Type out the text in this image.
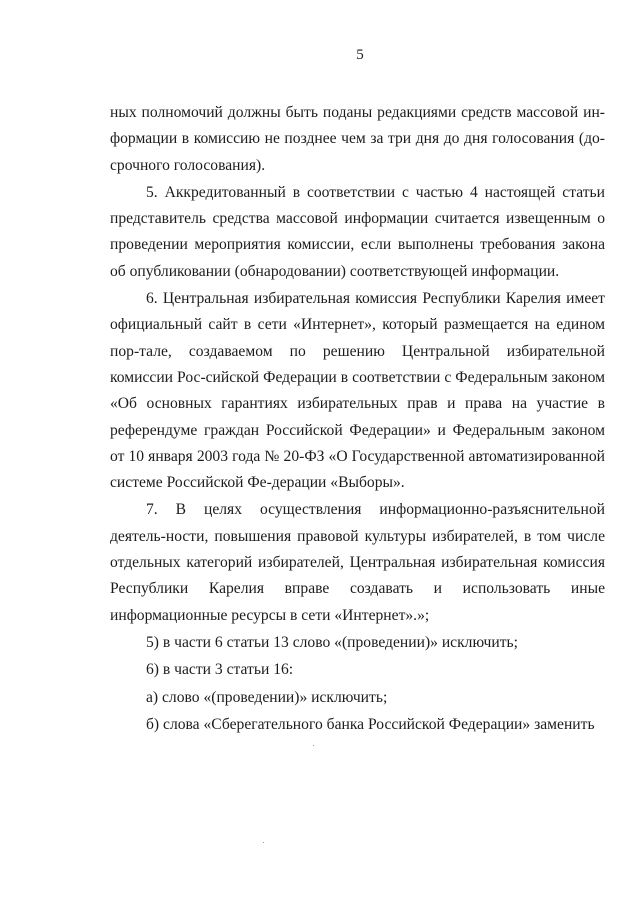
5

ных полномочий должны быть поданы редакциями средств массовой ин-формации в комиссию не позднее чем за три дня до дня голосования (до-срочного голосования).

5. Аккредитованный в соответствии с частью 4 настоящей статьи представитель средства массовой информации считается извещенным о проведении мероприятия комиссии, если выполнены требования закона об опубликовании (обнародовании) соответствующей информации.

6. Центральная избирательная комиссия Республики Карелия имеет официальный сайт в сети «Интернет», который размещается на едином пор-тале, создаваемом по решению Центральной избирательной комиссии Рос-сийской Федерации в соответствии с Федеральным законом «Об основных гарантиях избирательных прав и права на участие в референдуме граждан Российской Федерации» и Федеральным законом от 10 января 2003 года № 20-ФЗ «О Государственной автоматизированной системе Российской Фе-дерации «Выборы».

7. В целях осуществления информационно-разъяснительной деятель-ности, повышения правовой культуры избирателей, в том числе отдельных категорий избирателей, Центральная избирательная комиссия Республики Карелия вправе создавать и использовать иные информационные ресурсы в сети «Интернет».»;

5) в части 6 статьи 13 слово «(проведении)» исключить;

6) в части 3 статьи 16:

а) слово «(проведении)» исключить;

б) слова «Сберегательного банка Российской Федерации» заменить
